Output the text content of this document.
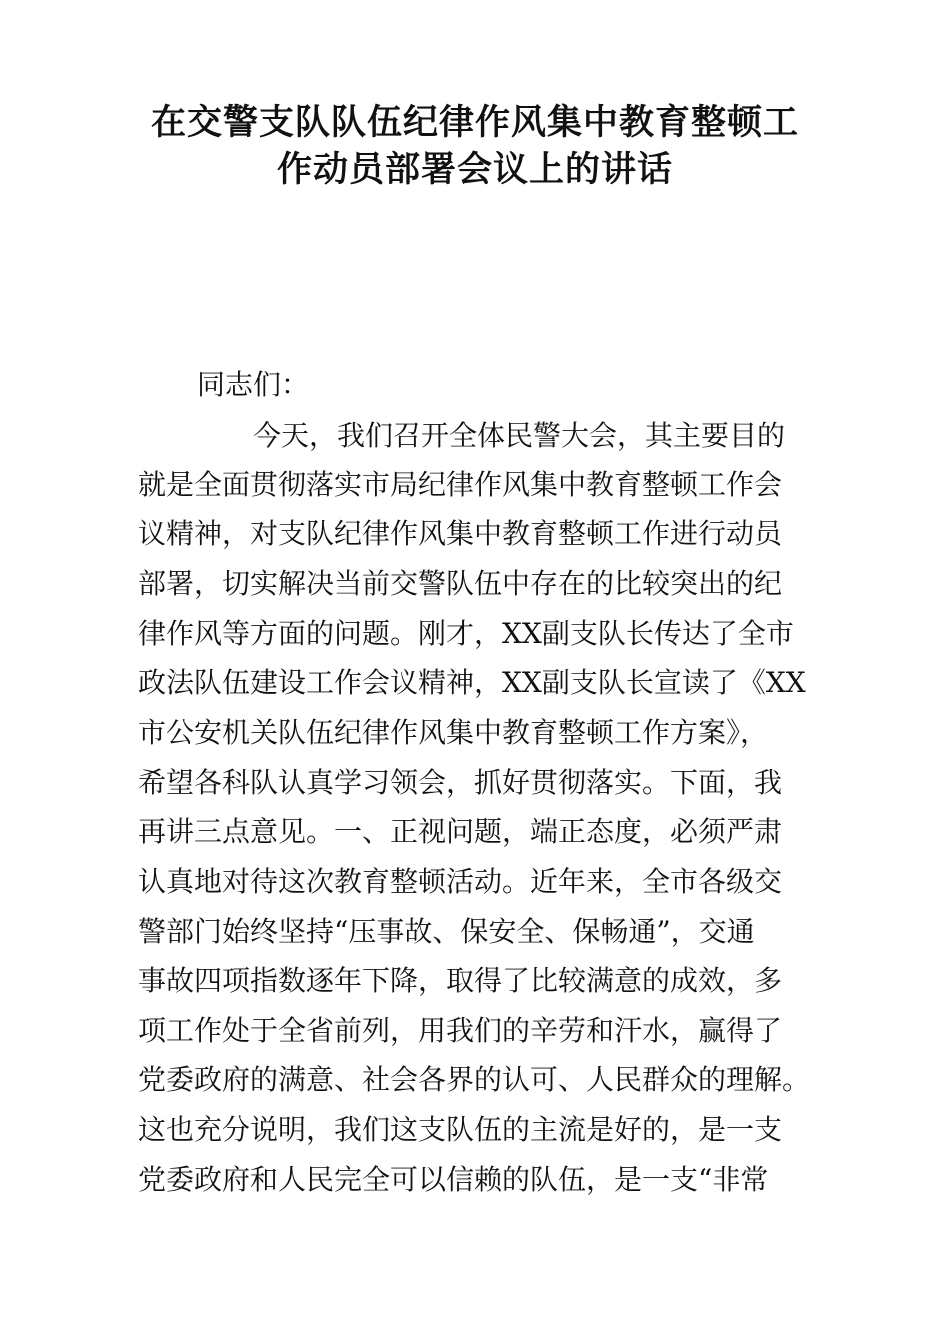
在交警支队队伍纪律作风集中教育整顿工
作动员部署会议上的讲话

同志们：

今天，我们召开全体民警大会，其主要目的

就是全面贯彻落实市局纪律作风集中教育整顿工作会

议精神，对支队纪律作风集中教育整顿工作进行动员

部署，切实解决当前交警队伍中存在的比较突出的纪

律作风等方面的问题。刚才，XX副支队长传达了全市

政法队伍建设工作会议精神，XX副支队长宣读了《XX

市公安机关队伍纪律作风集中教育整顿工作方案》，

希望各科队认真学习领会，抓好贯彻落实。下面，我

再讲三点意见。一、正视问题，端正态度，必须严肃

认真地对待这次教育整顿活动。近年来，全市各级交

警部门始终坚持“压事故、保安全、保畅通”，交通

事故四项指数逐年下降，取得了比较满意的成效，多

项工作处于全省前列，用我们的辛劳和汗水，赢得了

党委政府的满意、社会各界的认可、人民群众的理解。

这也充分说明，我们这支队伍的主流是好的，是一支

党委政府和人民完全可以信赖的队伍，是一支“非常
